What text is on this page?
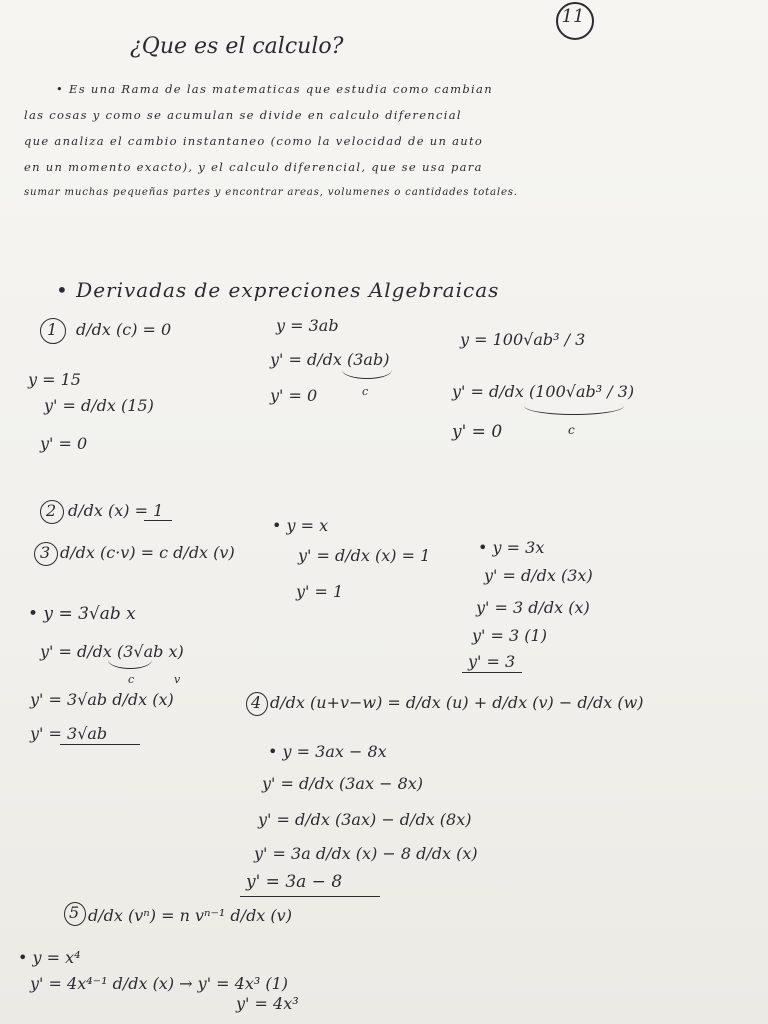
11
¿Que es el calculo?
• Es una Rama de las matematicas que estudia como cambian
las cosas y como se acumulan se divide en calculo diferencial
que analiza el cambio instantaneo (como la velocidad de un auto
en un momento exacto), y el calculo diferencial, que se usa para
sumar muchas pequeñas partes y encontrar areas, volumenes o cantidades totales.
• Derivadas de expreciones Algebraicas
1 d/dx (c) = 0
y = 15
y' = d/dx (15)
y' = 0
y = 3ab
y' = d/dx (3ab)
c
y' = 0
y = 100√ab³ / 3
y' = d/dx (100√ab³ / 3)
c
y' = 0
2 d/dx (x) = 1
• y = x
y' = d/dx (x) = 1
y' = 1
3 d/dx (c·v) = c d/dx (v)
• y = 3√ab x
y' = d/dx (3√ab x)
c	v
y' = 3√ab d/dx (x)
y' = 3√ab
• y = 3x
y' = d/dx (3x)
y' = 3 d/dx (x)
y' = 3 (1)
y' = 3
4 d/dx (u+v−w) = d/dx (u) + d/dx (v) − d/dx (w)
• y = 3ax − 8x
y' = d/dx (3ax − 8x)
y' = d/dx (3ax) − d/dx (8x)
y' = 3a d/dx (x) − 8 d/dx (x)
y' = 3a − 8
5 d/dx (vⁿ) = n vⁿ⁻¹ d/dx (v)
• y = x⁴
y' = 4x⁴⁻¹ d/dx (x) → y' = 4x³ (1)
y' = 4x³
